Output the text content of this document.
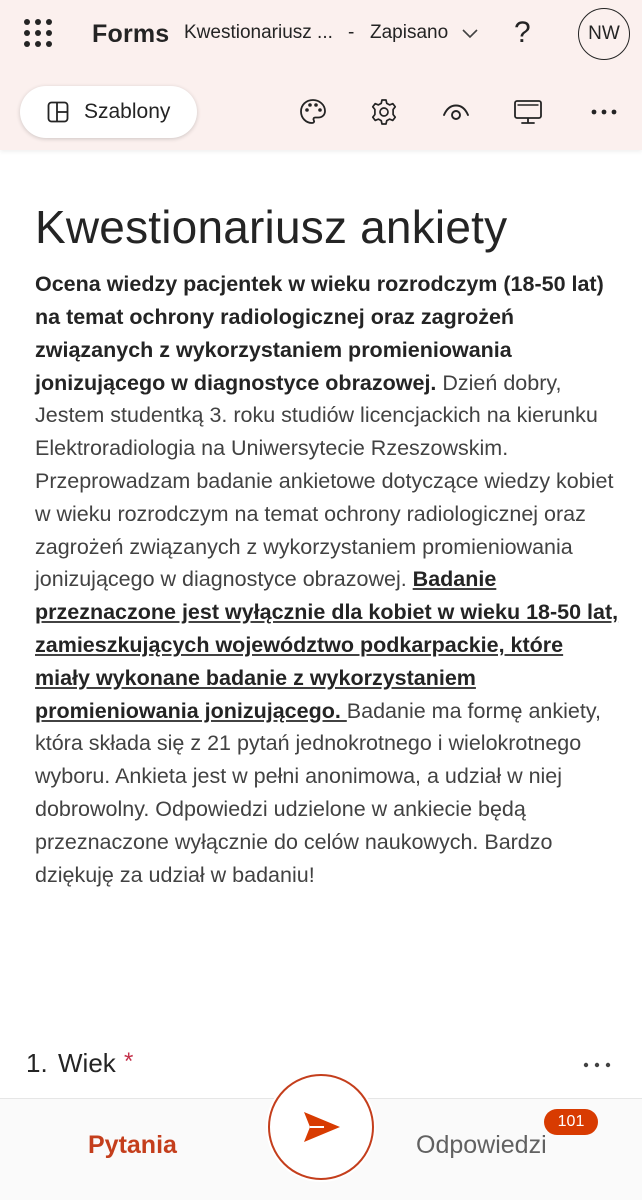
Forms Kwestionariusz ... - Zapisano ?	NW
Szablony
Kwestionariusz ankiety

Ocena wiedzy pacjentek w wieku rozrodczym (18-50 lat) na temat ochrony radiologicznej oraz zagrożeń związanych z wykorzystaniem promieniowania jonizującego w diagnostyce obrazowej. Dzień dobry, Jestem studentką 3. roku studiów licencjackich na kierunku Elektroradiologia na Uniwersytecie Rzeszowskim. Przeprowadzam badanie ankietowe dotyczące wiedzy kobiet w wieku rozrodczym na temat ochrony radiologicznej oraz zagrożeń związanych z wykorzystaniem promieniowania jonizującego w diagnostyce obrazowej. Badanie przeznaczone jest wyłącznie dla kobiet w wieku 18-50 lat, zamieszkujących województwo podkarpackie, które miały wykonane badanie z wykorzystaniem promieniowania jonizującego. Badanie ma formę ankiety, która składa się z 21 pytań jednokrotnego i wielokrotnego wyboru. Ankieta jest w pełni anonimowa, a udział w niej dobrowolny. Odpowiedzi udzielone w ankiecie będą przeznaczone wyłącznie do celów naukowych. Bardzo dziękuję za udział w badaniu!

1. Wiek *
Pytania	Odpowiedzi
101
